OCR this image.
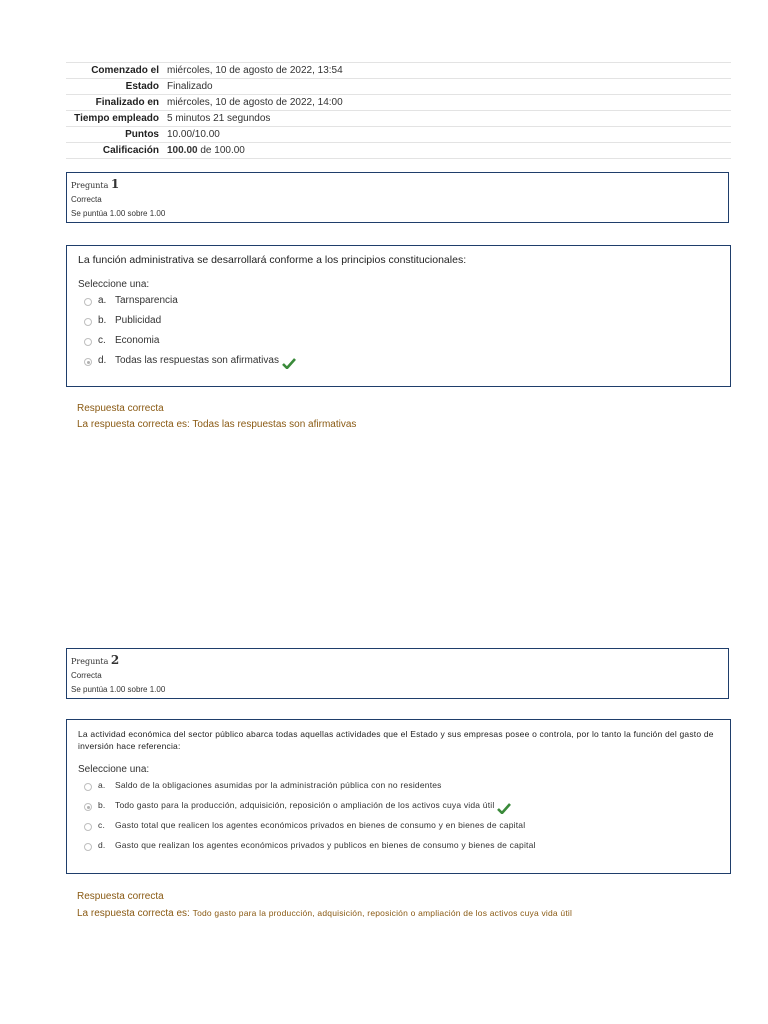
Comenzado el	miércoles, 10 de agosto de 2022, 13:54
Estado	Finalizado
Finalizado en	miércoles, 10 de agosto de 2022, 14:00
Tiempo empleado	5 minutos 21 segundos
Puntos	10.00/10.00
Calificación	100.00 de 100.00
Pregunta 1
Correcta
Se puntúa 1.00 sobre 1.00
La función administrativa se desarrollará conforme a los principios constitucionales:
Seleccione una:
a. Tarnsparencia
b. Publicidad
c. Economia
d. Todas las respuestas son afirmativas
Respuesta correcta
La respuesta correcta es: Todas las respuestas son afirmativas
Pregunta 2
Correcta
Se puntúa 1.00 sobre 1.00
La actividad económica del sector público abarca todas aquellas actividades que el Estado y sus empresas posee o controla, por lo tanto la función del gasto de inversión hace referencia:
Seleccione una:
a.	Saldo de la obligaciones asumidas por la administración pública con no residentes
b.	Todo gasto para la producción, adquisición, reposición o ampliación de los activos cuya vida útil
c.	Gasto total que realicen los agentes económicos privados en bienes de consumo y en bienes de capital
d.	Gasto que realizan los agentes económicos privados y publicos en bienes de consumo y bienes de capital
Respuesta correcta
La respuesta correcta es: Todo gasto para la producción, adquisición, reposición o ampliación de los activos cuya vida útil
